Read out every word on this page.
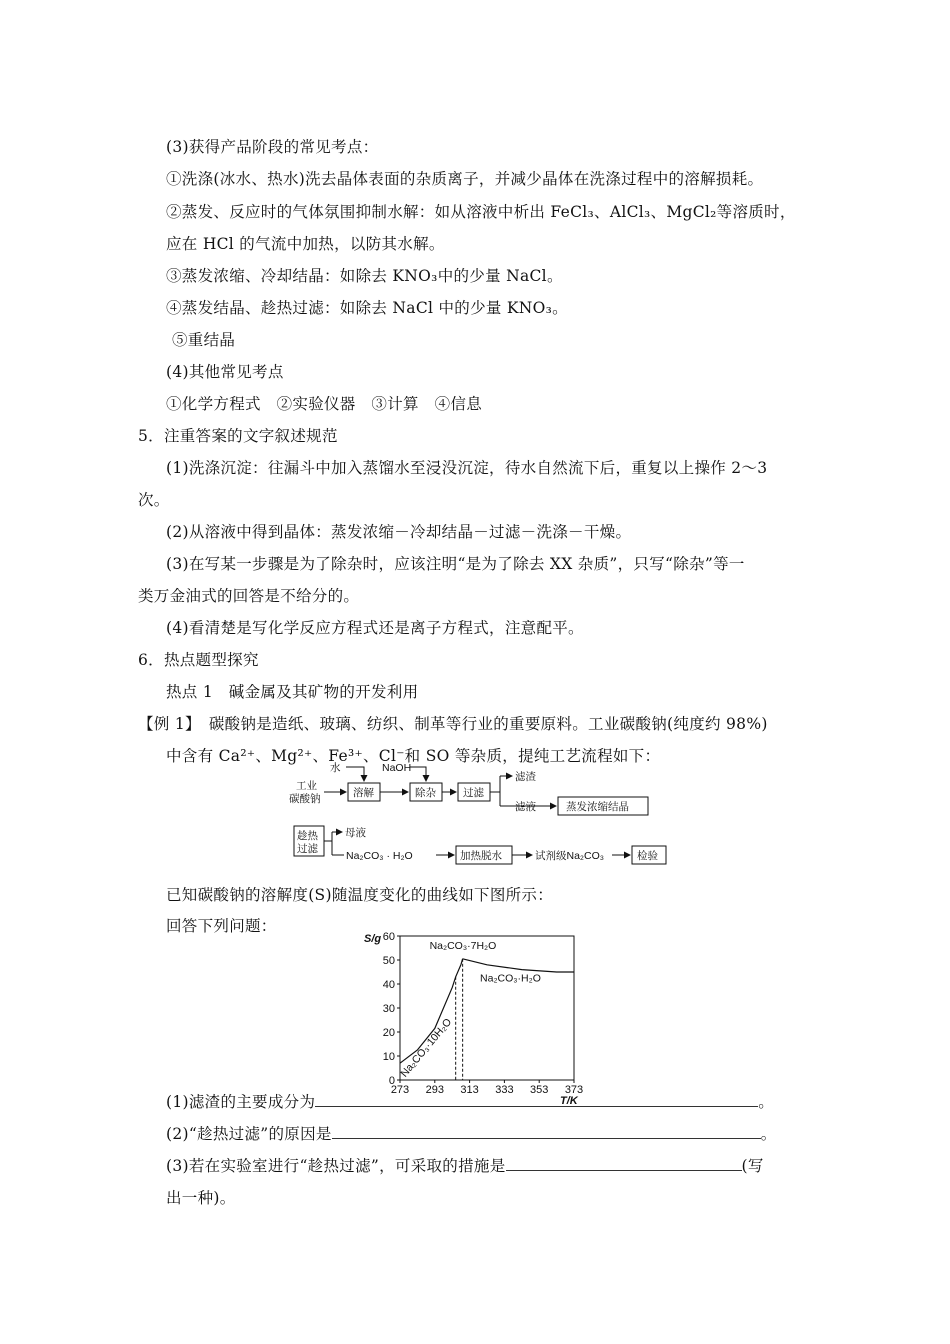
(3)获得产品阶段的常见考点：
①洗涤(冰水、热水)洗去晶体表面的杂质离子，并减少晶体在洗涤过程中的溶解损耗。
②蒸发、反应时的气体氛围抑制水解：如从溶液中析出 FeCl₃、AlCl₃、MgCl₂等溶质时，
应在 HCl 的气流中加热，以防其水解。
③蒸发浓缩、冷却结晶：如除去 KNO₃中的少量 NaCl。
④蒸发结晶、趁热过滤：如除去 NaCl 中的少量 KNO₃。
⑤重结晶
(4)其他常见考点
①化学方程式　②实验仪器　③计算　④信息
5．注重答案的文字叙述规范
(1)洗涤沉淀：往漏斗中加入蒸馏水至浸没沉淀，待水自然流下后，重复以上操作 2～3
次。
(2)从溶液中得到晶体：蒸发浓缩－冷却结晶－过滤－洗涤－干燥。
(3)在写某一步骤是为了除杂时，应该注明“是为了除去 XX 杂质”，只写“除杂”等一
类万金油式的回答是不给分的。
(4)看清楚是写化学反应方程式还是离子方程式，注意配平。
6．热点题型探究
热点 1　碱金属及其矿物的开发利用
【例 1】　碳酸钠是造纸、玻璃、纺织、制革等行业的重要原料。工业碳酸钠(纯度约 98%)
中含有 Ca²⁺、Mg²⁺、Fe³⁺、Cl⁻和 SO 等杂质，提纯工艺流程如下：
水	NaOH
工业
碳酸钠	溶解	除杂	过滤
滤渣
滤液	蒸发浓缩结晶
趁热
过滤
母液
Na₂CO₃ · H₂O	加热脱水	试剂级Na₂CO₃	检验
已知碳酸钠的溶解度(S)随温度变化的曲线如下图所示：
回答下列问题：
273 293 313 333 353 373
0
10
20
30
40
50
60
S/g
T/K
Na₂CO₃·10H₂O
Na₂CO₃·7H₂O
Na₂CO₃·H₂O
(1)滤渣的主要成分为	。
(2)“趁热过滤”的原因是	。
(3)若在实验室进行“趁热过滤”，可采取的措施是	(写
出一种)。
